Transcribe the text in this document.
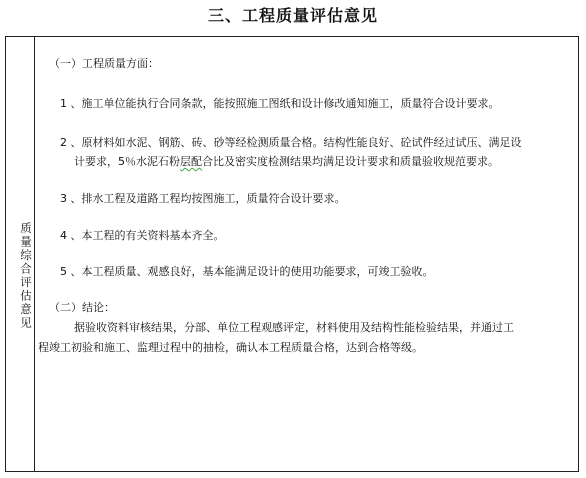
三、工程质量评估意见
质量综合评估意见
（一）工程质量方面：
1 、施工单位能执行合同条款，能按照施工图纸和设计修改通知施工，质量符合设计要求。
2 、原材料如水泥、钢筋、砖、砂等经检测质量合格。结构性能良好、砼试件经过试压、满足设
计要求，5％水泥石粉层配合比及密实度检测结果均满足设计要求和质量验收规范要求。
3 、排水工程及道路工程均按图施工，质量符合设计要求。
4 、本工程的有关资料基本齐全。
5 、本工程质量、观感良好，基本能满足设计的使用功能要求，可竣工验收。
（二）结论：
据验收资料审核结果，分部、单位工程观感评定，材料使用及结构性能检验结果，并通过工
程竣工初验和施工、监理过程中的抽检，确认本工程质量合格，达到合格等级。
